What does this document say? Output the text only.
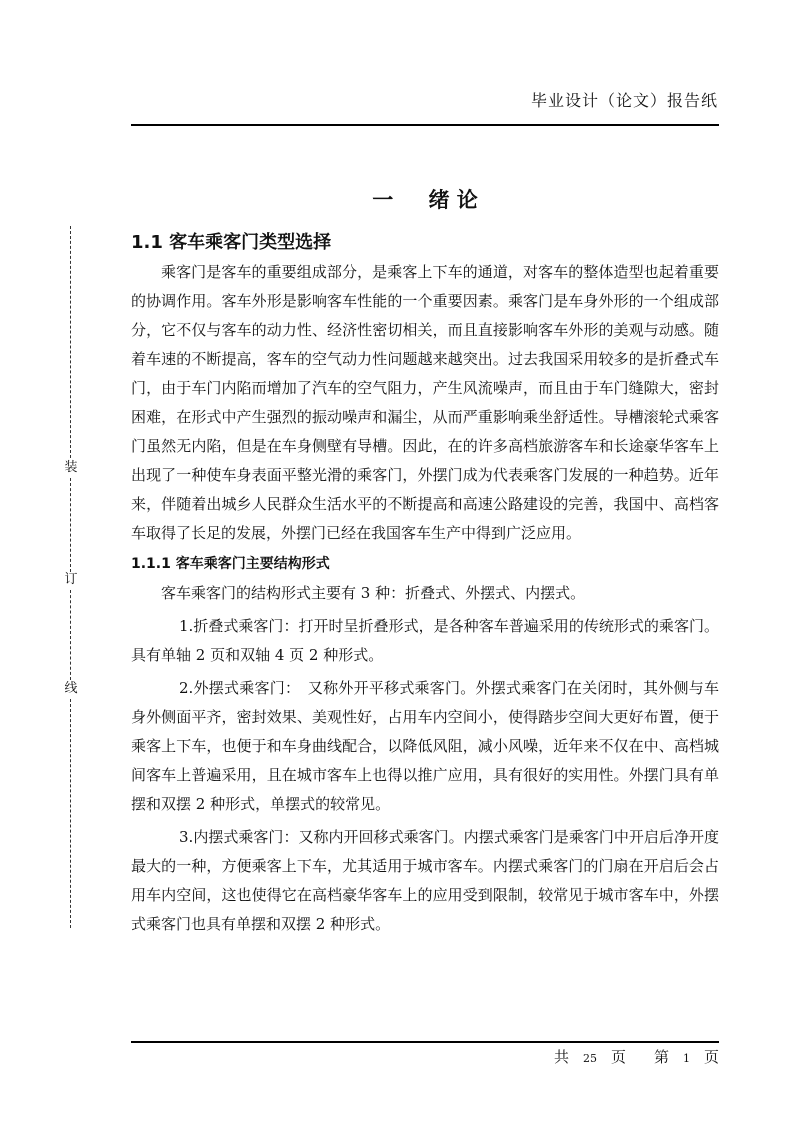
毕业设计（论文）报告纸
装
订
线
一 绪 论
1.1 客车乘客门类型选择

乘客门是客车的重要组成部分，是乘客上下车的通道，对客车的整体造型也起着重要的协调作用。客车外形是影响客车性能的一个重要因素。乘客门是车身外形的一个组成部分，它不仅与客车的动力性、经济性密切相关，而且直接影响客车外形的美观与动感。随着车速的不断提高，客车的空气动力性问题越来越突出。过去我国采用较多的是折叠式车门，由于车门内陷而增加了汽车的空气阻力，产生风流噪声，而且由于车门缝隙大，密封困难，在形式中产生强烈的振动噪声和漏尘，从而严重影响乘坐舒适性。导槽滚轮式乘客门虽然无内陷，但是在车身侧壁有导槽。因此，在的许多高档旅游客车和长途豪华客车上出现了一种使车身表面平整光滑的乘客门，外摆门成为代表乘客门发展的一种趋势。近年来，伴随着出城乡人民群众生活水平的不断提高和高速公路建设的完善，我国中、高档客车取得了长足的发展，外摆门已经在我国客车生产中得到广泛应用。

1.1.1 客车乘客门主要结构形式

客车乘客门的结构形式主要有 3 种：折叠式、外摆式、内摆式。

1.折叠式乘客门：打开时呈折叠形式，是各种客车普遍采用的传统形式的乘客门。具有单轴 2 页和双轴 4 页 2 种形式。

2.外摆式乘客门：　又称外开平移式乘客门。外摆式乘客门在关闭时，其外侧与车身外侧面平齐，密封效果、美观性好，占用车内空间小，使得踏步空间大更好布置，便于乘客上下车，也便于和车身曲线配合，以降低风阻，减小风噪，近年来不仅在中、高档城间客车上普遍采用，且在城市客车上也得以推广应用，具有很好的实用性。外摆门具有单摆和双摆 2 种形式，单摆式的较常见。

3.内摆式乘客门：又称内开回移式乘客门。内摆式乘客门是乘客门中开启后净开度最大的一种，方便乘客上下车，尤其适用于城市客车。内摆式乘客门的门扇在开启后会占用车内空间，这也使得它在高档豪华客车上的应用受到限制，较常见于城市客车中，外摆式乘客门也具有单摆和双摆 2 种形式。

共 25 页 第 1 页
